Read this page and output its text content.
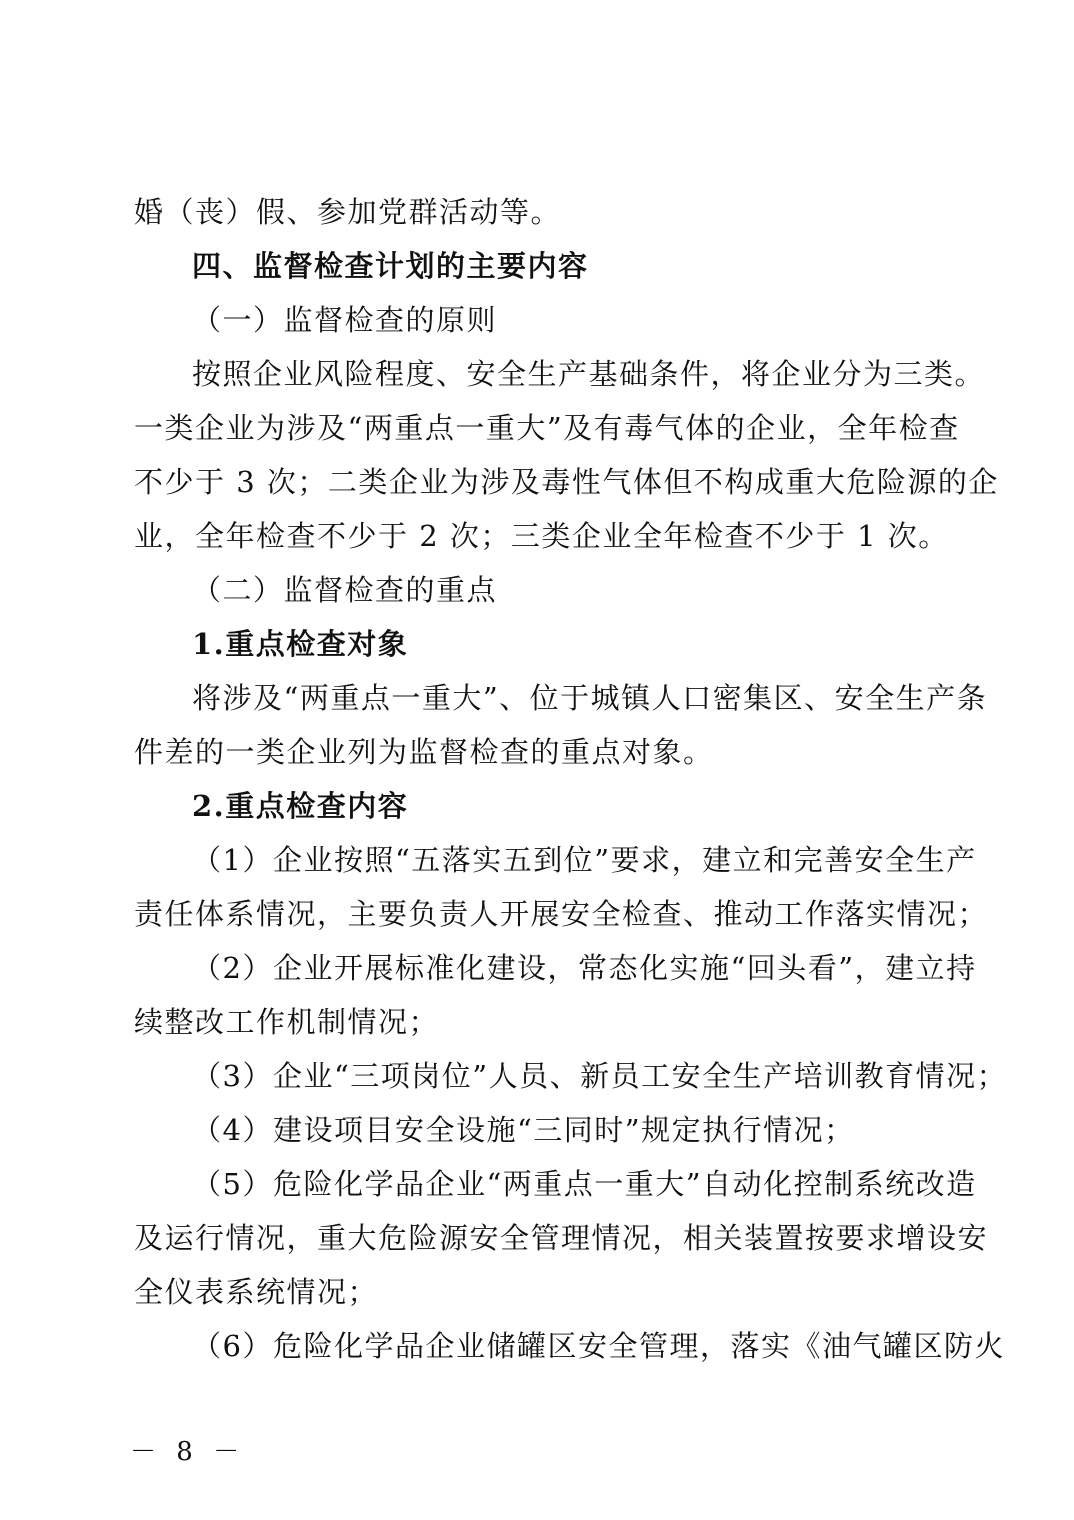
婚（丧）假、参加党群活动等。
四、监督检查计划的主要内容
（一）监督检查的原则
按照企业风险程度、安全生产基础条件，将企业分为三类。
一类企业为涉及“两重点一重大”及有毒气体的企业，全年检查
不少于 3 次；二类企业为涉及毒性气体但不构成重大危险源的企
业，全年检查不少于 2 次；三类企业全年检查不少于 1 次。
（二）监督检查的重点
1.重点检查对象
将涉及“两重点一重大”、位于城镇人口密集区、安全生产条
件差的一类企业列为监督检查的重点对象。
2.重点检查内容
（1）企业按照“五落实五到位”要求，建立和完善安全生产
责任体系情况，主要负责人开展安全检查、推动工作落实情况；
（2）企业开展标准化建设，常态化实施“回头看”，建立持
续整改工作机制情况；
（3）企业“三项岗位”人员、新员工安全生产培训教育情况；
（4）建设项目安全设施“三同时”规定执行情况；
（5）危险化学品企业“两重点一重大”自动化控制系统改造
及运行情况，重大危险源安全管理情况，相关装置按要求增设安
全仪表系统情况；
（6）危险化学品企业储罐区安全管理，落实《油气罐区防火
－ 8 －
